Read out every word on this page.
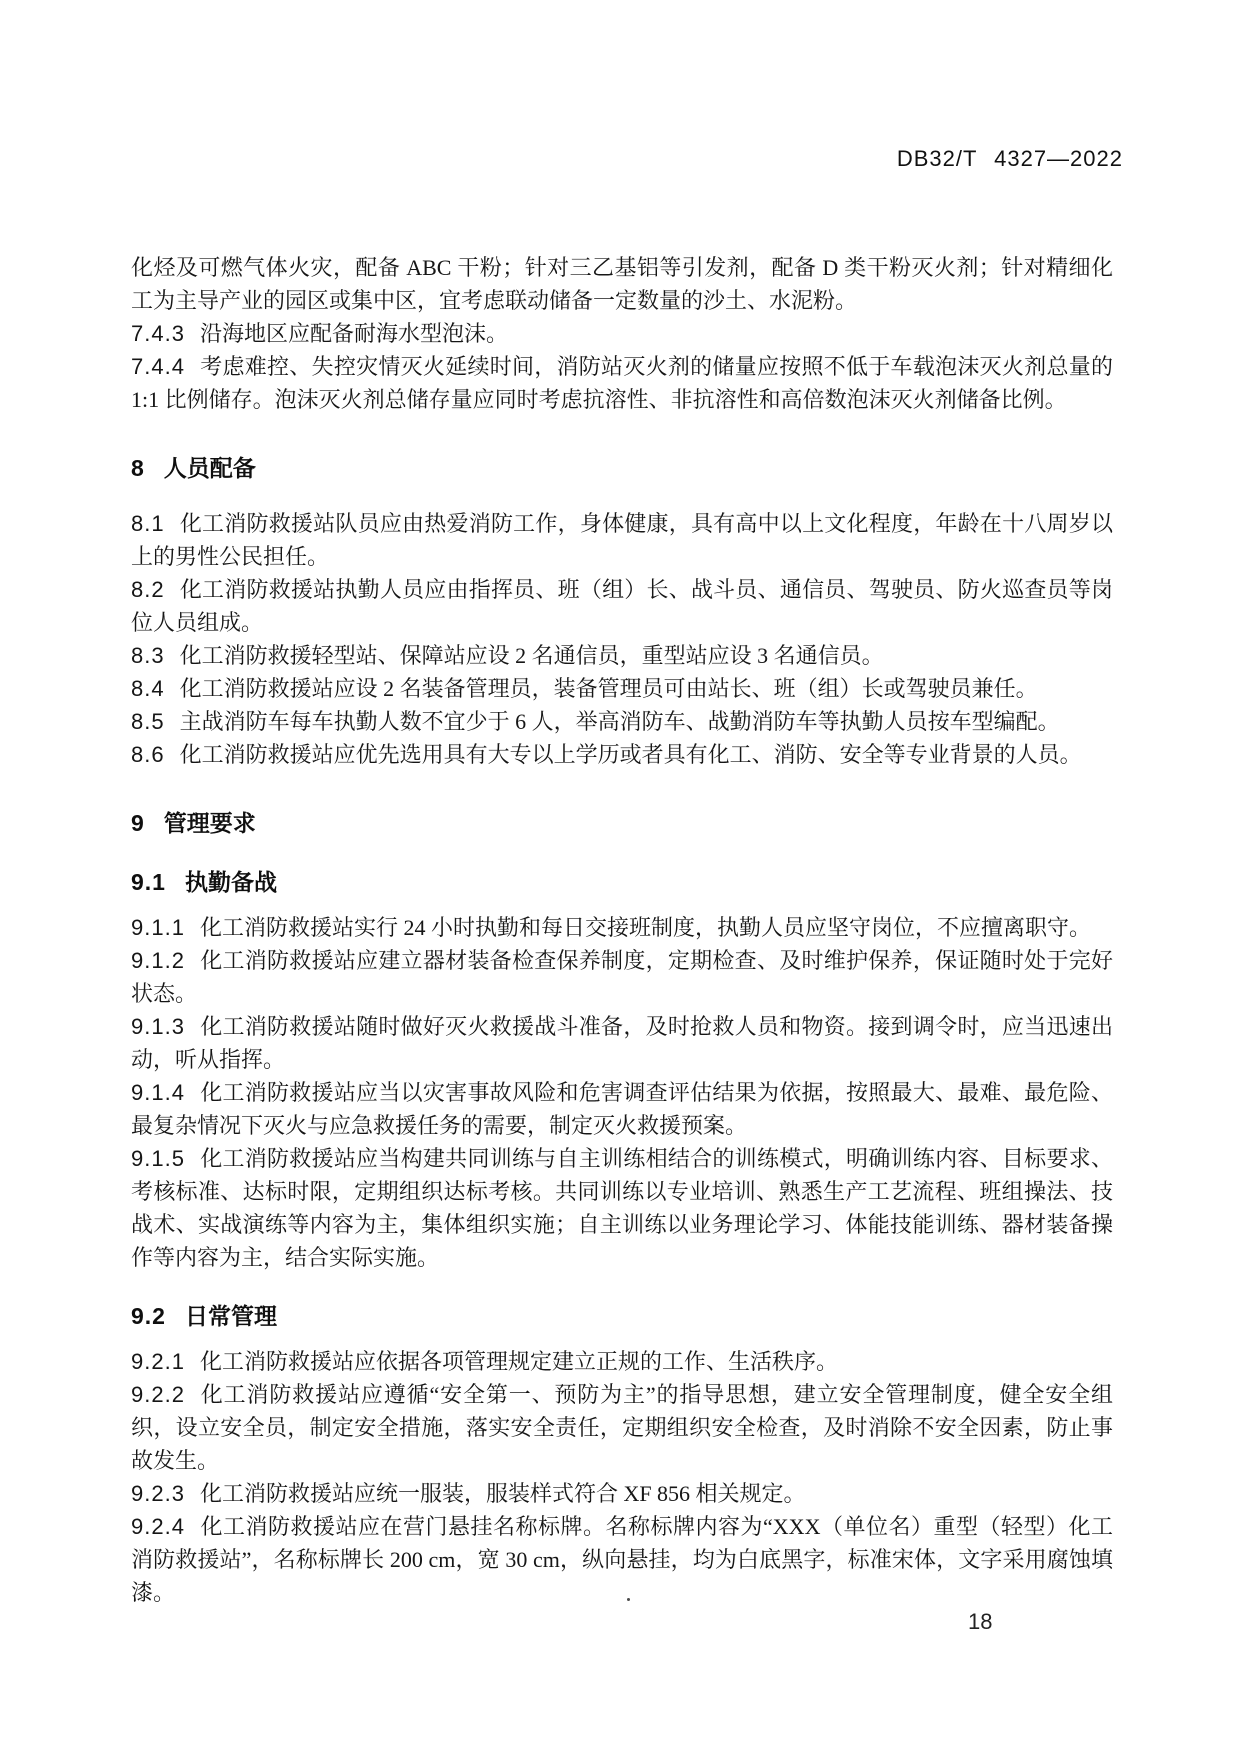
DB32/T 4327—2022

化烃及可燃气体火灾，配备 ABC 干粉；针对三乙基铝等引发剂，配备 D 类干粉灭火剂；针对精细化工为主导产业的园区或集中区，宜考虑联动储备一定数量的沙土、水泥粉。

7.4.3 沿海地区应配备耐海水型泡沫。

7.4.4 考虑难控、失控灾情灭火延续时间，消防站灭火剂的储量应按照不低于车载泡沫灭火剂总量的 1:1 比例储存。泡沫灭火剂总储存量应同时考虑抗溶性、非抗溶性和高倍数泡沫灭火剂储备比例。

8 人员配备

8.1 化工消防救援站队员应由热爱消防工作，身体健康，具有高中以上文化程度，年龄在十八周岁以上的男性公民担任。

8.2 化工消防救援站执勤人员应由指挥员、班（组）长、战斗员、通信员、驾驶员、防火巡查员等岗位人员组成。

8.3 化工消防救援轻型站、保障站应设 2 名通信员，重型站应设 3 名通信员。

8.4 化工消防救援站应设 2 名装备管理员，装备管理员可由站长、班（组）长或驾驶员兼任。

8.5 主战消防车每车执勤人数不宜少于 6 人，举高消防车、战勤消防车等执勤人员按车型编配。

8.6 化工消防救援站应优先选用具有大专以上学历或者具有化工、消防、安全等专业背景的人员。

9 管理要求
9.1 执勤备战

9.1.1 化工消防救援站实行 24 小时执勤和每日交接班制度，执勤人员应坚守岗位，不应擅离职守。

9.1.2 化工消防救援站应建立器材装备检查保养制度，定期检查、及时维护保养，保证随时处于完好状态。

9.1.3 化工消防救援站随时做好灭火救援战斗准备，及时抢救人员和物资。接到调令时，应当迅速出动，听从指挥。

9.1.4 化工消防救援站应当以灾害事故风险和危害调查评估结果为依据，按照最大、最难、最危险、最复杂情况下灭火与应急救援任务的需要，制定灭火救援预案。

9.1.5 化工消防救援站应当构建共同训练与自主训练相结合的训练模式，明确训练内容、目标要求、考核标准、达标时限，定期组织达标考核。共同训练以专业培训、熟悉生产工艺流程、班组操法、技战术、实战演练等内容为主，集体组织实施；自主训练以业务理论学习、体能技能训练、器材装备操作等内容为主，结合实际实施。

9.2 日常管理

9.2.1 化工消防救援站应依据各项管理规定建立正规的工作、生活秩序。

9.2.2 化工消防救援站应遵循“安全第一、预防为主”的指导思想，建立安全管理制度，健全安全组织，设立安全员，制定安全措施，落实安全责任，定期组织安全检查，及时消除不安全因素，防止事故发生。

9.2.3 化工消防救援站应统一服装，服装样式符合 XF 856 相关规定。

9.2.4 化工消防救援站应在营门悬挂名称标牌。名称标牌内容为“XXX（单位名）重型（轻型）化工消防救援站”，名称标牌长 200 cm，宽 30 cm，纵向悬挂，均为白底黑字，标准宋体，文字采用腐蚀填漆。

18
